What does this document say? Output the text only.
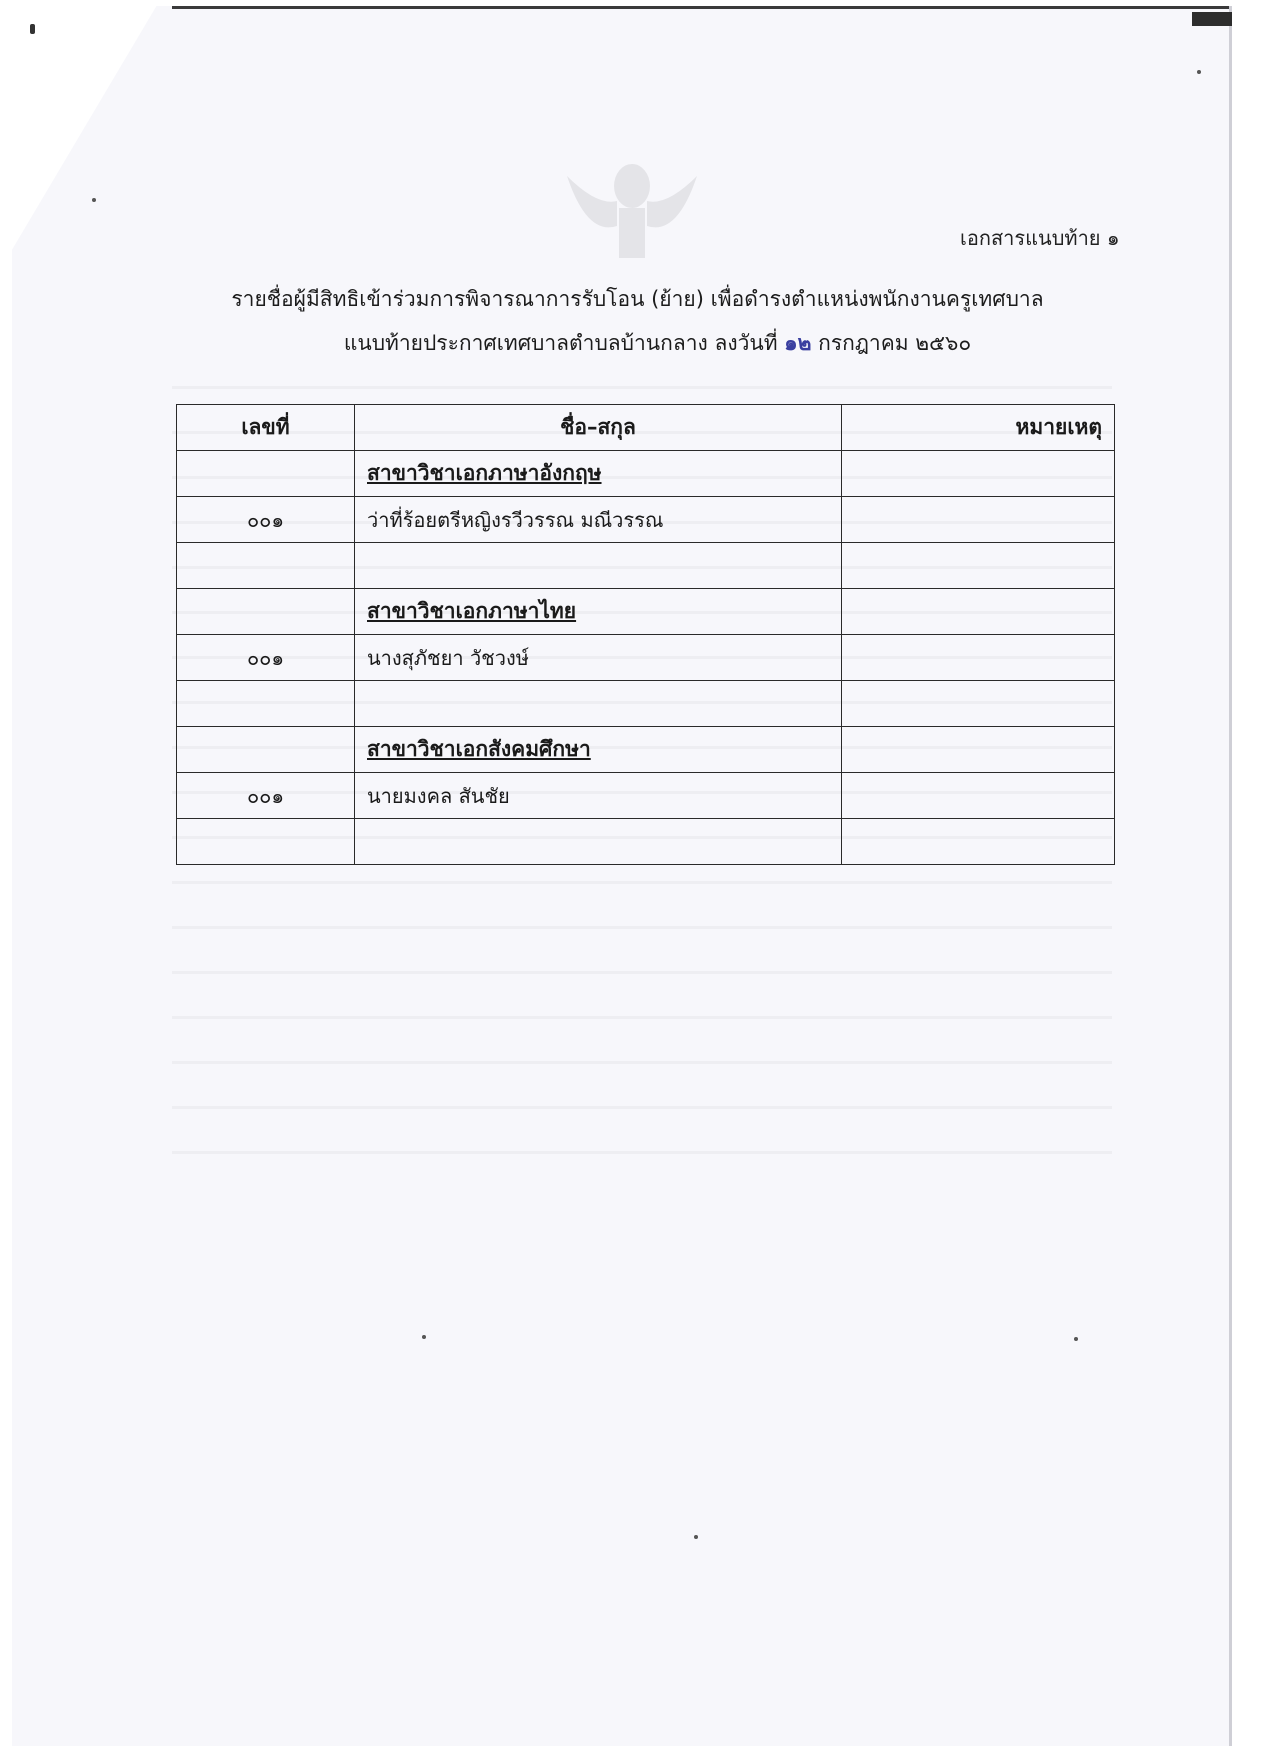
เอกสารแนบท้าย ๑
รายชื่อผู้มีสิทธิเข้าร่วมการพิจารณาการรับโอน (ย้าย) เพื่อดำรงตำแหน่งพนักงานครูเทศบาล
แนบท้ายประกาศเทศบาลตำบลบ้านกลาง ลงวันที่ ๑๒ กรกฎาคม ๒๕๖๐
เลขที่	ชื่อ–สกุล	หมายเหตุ
	สาขาวิชาเอกภาษาอังกฤษ	
๐๐๑	ว่าที่ร้อยตรีหญิงรวีวรรณ มณีวรรณ	

	สาขาวิชาเอกภาษาไทย	
๐๐๑	นางสุภัชยา วัชวงษ์	

	สาขาวิชาเอกสังคมศึกษา	
๐๐๑	นายมงคล สันชัย	
